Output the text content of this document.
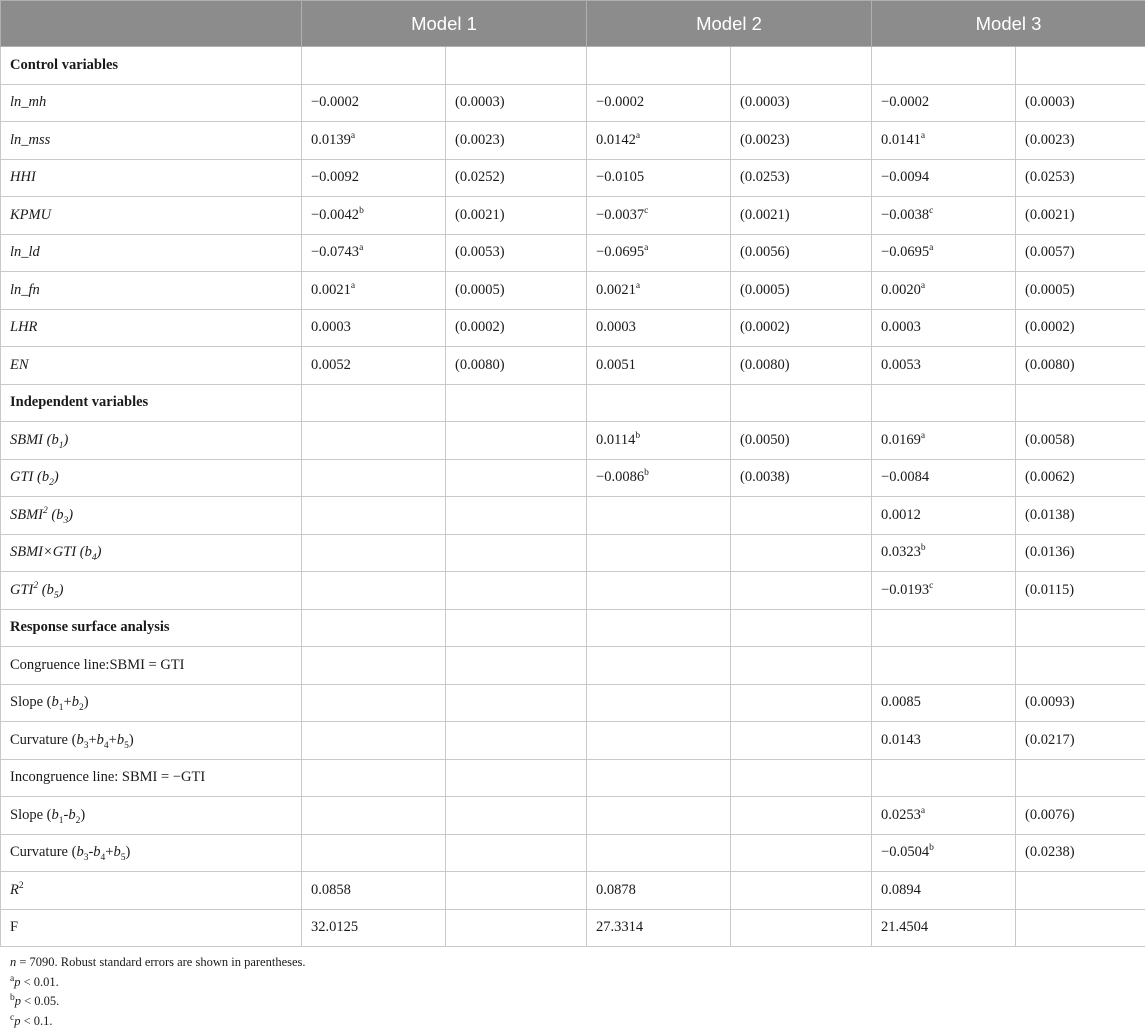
	Model 1		Model 2		Model 3	
Control variables						
ln_mh	−0.0002	(0.0003)	−0.0002	(0.0003)	−0.0002	(0.0003)
ln_mss	0.0139$^a$	(0.0023)	0.0142$^a$	(0.0023)	0.0141$^a$	(0.0023)
HHI	−0.0092	(0.0252)	−0.0105	(0.0253)	−0.0094	(0.0253)
KPMU	−0.0042$^b$	(0.0021)	−0.0037$^c$	(0.0021)	−0.0038$^c$	(0.0021)
ln_ld	−0.0743$^a$	(0.0053)	−0.0695$^a$	(0.0056)	−0.0695$^a$	(0.0057)
ln_fn	0.0021$^a$	(0.0005)	0.0021$^a$	(0.0005)	0.0020$^a$	(0.0005)
LHR	0.0003	(0.0002)	0.0003	(0.0002)	0.0003	(0.0002)
EN	0.0052	(0.0080)	0.0051	(0.0080)	0.0053	(0.0080)
Independent variables						
SBMI $(b_1)$			0.0114$^b$	(0.0050)	0.0169$^a$	(0.0058)
GTI $(b_2)$			−0.0086$^b$	(0.0038)	−0.0084	(0.0062)
SBMI$^2$ $(b_3)$					0.0012	(0.0138)
SBMI×GTI $(b_4)$					0.0323$^b$	(0.0136)
GTI$^2$ $(b_5)$					−0.0193$^c$	(0.0115)
Response surface analysis						
Congruence line:SBMI = GTI						
Slope $(b_1+b_2)$					0.0085	(0.0093)
Curvature $(b_3+b_4+b_5)$					0.0143	(0.0217)
Incongruence line: SBMI = −GTI						
Slope $(b_1-b_2)$					0.0253$^a$	(0.0076)
Curvature $(b_3-b_4+b_5)$					−0.0504$^b$	(0.0238)
$R^2$	0.0858		0.0878		0.0894	
F	32.0125		27.3314		21.4504	
n = 7090. Robust standard errors are shown in parentheses.
$^a$p < 0.01.
$^b$p < 0.05.
$^c$p < 0.1.
